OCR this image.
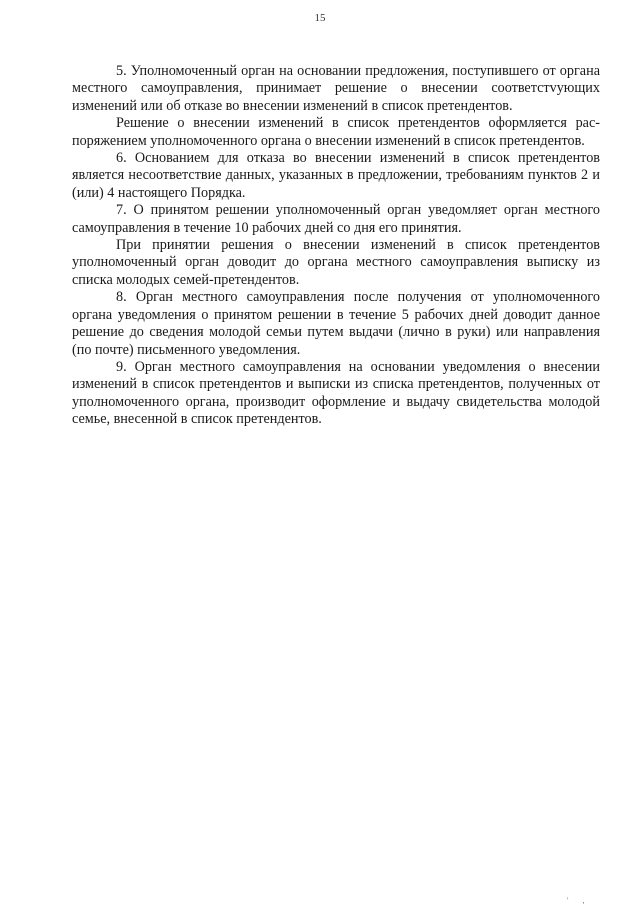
15

5. Уполномоченный орган на основании предложения, поступившего от органа местного самоуправления, принимает решение о внесении соответстvующих изменений или об отказе во внесении изменений в список претендентов.

Решение о внесении изменений в список претендентов оформляется распоряжением уполномоченного органа о внесении изменений в список претендентов.

6. Основанием для отказа во внесении изменений в список претендентов является несоответствие данных, указанных в предложении, требованиям пунктов 2 и (или) 4 настоящего Порядка.

7. О принятом решении уполномоченный орган уведомляет орган местного самоуправления в течение 10 рабочих дней со дня его принятия.

При принятии решения о внесении изменений в список претендентов уполномоченный орган доводит до органа местного самоуправления выписку из списка молодых семей-претендентов.

8. Орган местного самоуправления после получения от уполномоченного органа уведомления о принятом решении в течение 5 рабочих дней доводит данное решение до сведения молодой семьи путем выдачи (лично в руки) или направления (по почте) письменного уведомления.

9. Орган местного самоуправления на основании уведомления о внесении изменений в список претендентов и выписки из списка претендентов, полученных от уполномоченного органа, производит оформление и выдачу свидетельства молодой семье, внесенной в список претендентов.

' ,
